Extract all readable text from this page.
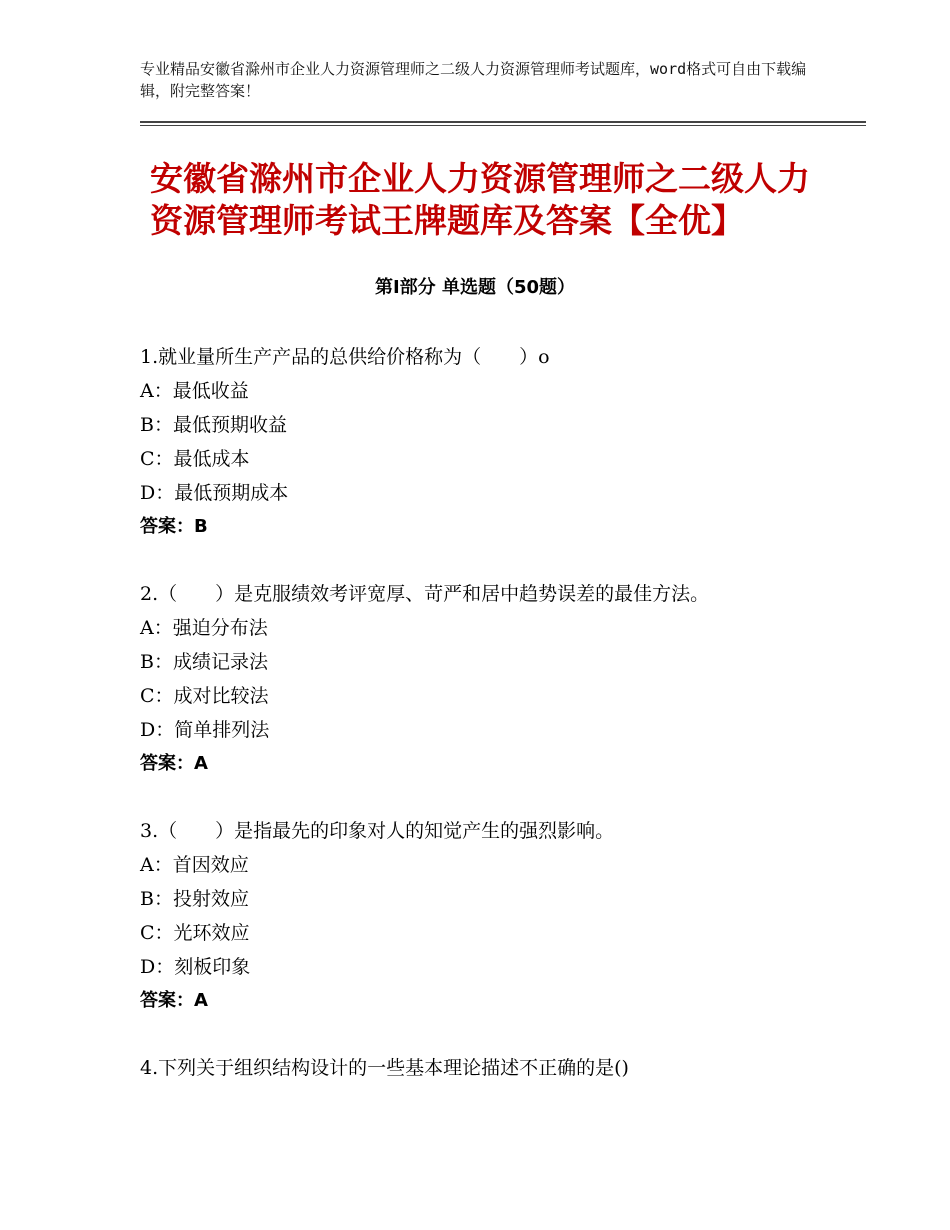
专业精品安徽省滁州市企业人力资源管理师之二级人力资源管理师考试题库，word格式可自由下载编辑，附完整答案！
安徽省滁州市企业人力资源管理师之二级人力资源管理师考试王牌题库及答案【全优】
第Ⅰ部分 单选题（50题）
1.就业量所生产产品的总供给价格称为（　　）o
A：最低收益
B：最低预期收益
C：最低成本
D：最低预期成本
答案：B
2.（　　）是克服绩效考评宽厚、苛严和居中趋势误差的最佳方法。
A：强迫分布法
B：成绩记录法
C：成对比较法
D：简单排列法
答案：A
3.（　　）是指最先的印象对人的知觉产生的强烈影响。
A：首因效应
B：投射效应
C：光环效应
D：刻板印象
答案：A
4.下列关于组织结构设计的一些基本理论描述不正确的是()
